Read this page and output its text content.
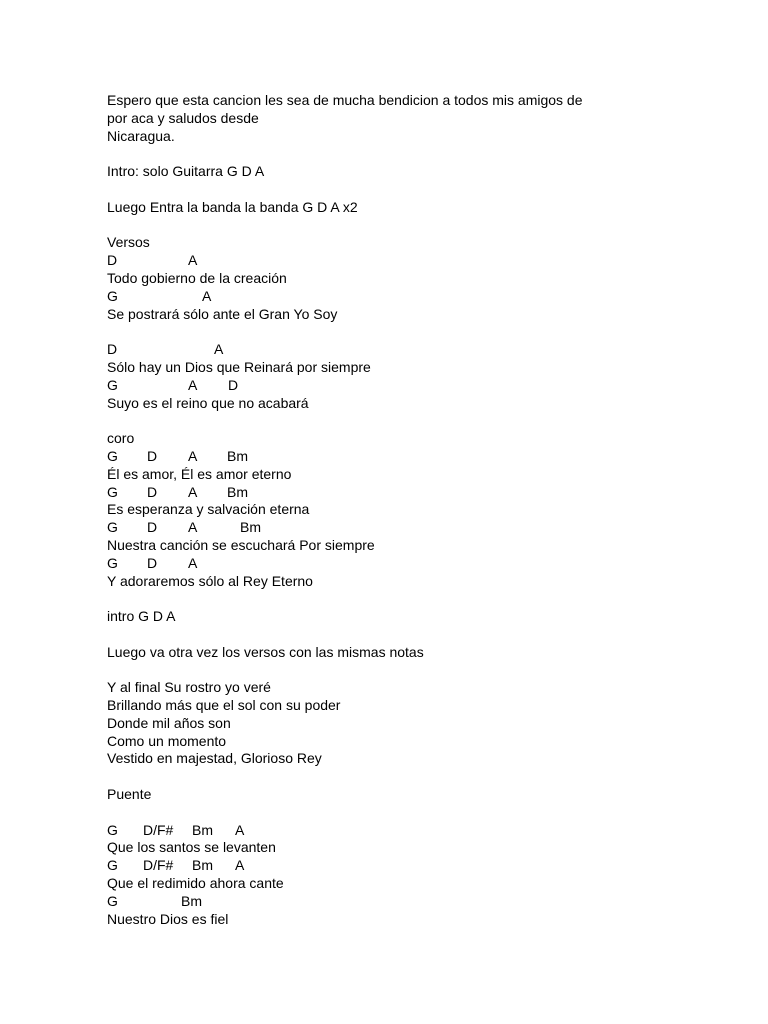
Espero que esta cancion les sea de mucha bendicion a todos mis amigos de
por aca y saludos desde
Nicaragua.
Intro: solo Guitarra G D A
Luego Entra la banda la banda G D A x2
Versos

D

	A

Todo gobierno de la creación

G

	A

Se postrará sólo ante el Gran Yo Soy

D

	A

Sólo hay un Dios que Reinará por siempre

G

	A

D

Suyo es el reino que no acabará
coro

G

D

A

Bm

Él es amor, Él es amor eterno

G

D

A

Bm

Es esperanza y salvación eterna

G

D

A

	Bm

Nuestra canción se escuchará Por siempre

G

D

A

Y adoraremos sólo al Rey Eterno
intro G D A
Luego va otra vez los versos con las mismas notas
Y al final Su rostro yo veré
Brillando más que el sol con su poder
Donde mil años son
Como un momento
Vestido en majestad, Glorioso Rey
Puente

G

D/F#

Bm

A

Que los santos se levanten

G

D/F#

Bm

A

Que el redimido ahora cante

G

	Bm

Nuestro Dios es fiel
